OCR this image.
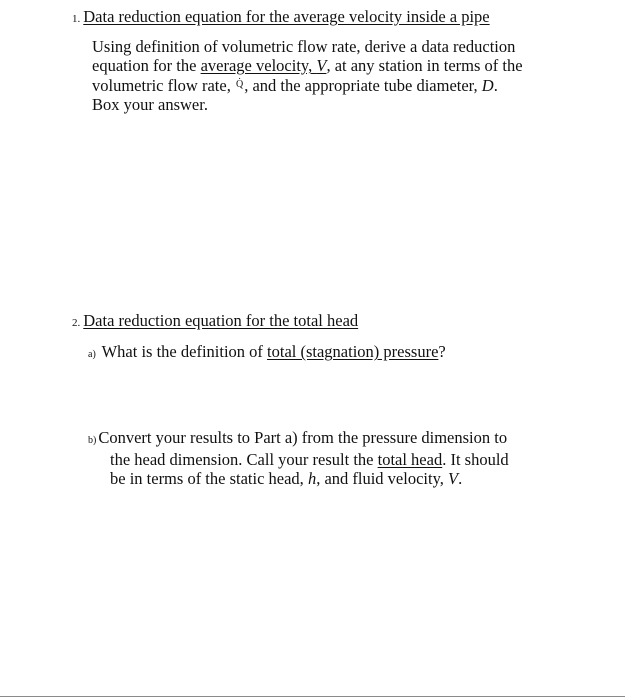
1. Data reduction equation for the average velocity inside a pipe
Using definition of volumetric flow rate, derive a data reduction
equation for the average velocity, V, at any station in terms of the
volumetric flow rate, Q̇, and the appropriate tube diameter, D.
Box your answer.
2. Data reduction equation for the total head
a) What is the definition of total (stagnation) pressure?
b) Convert your results to Part a) from the pressure dimension to
the head dimension. Call your result the total head. It should
be in terms of the static head, h, and fluid velocity, V.
